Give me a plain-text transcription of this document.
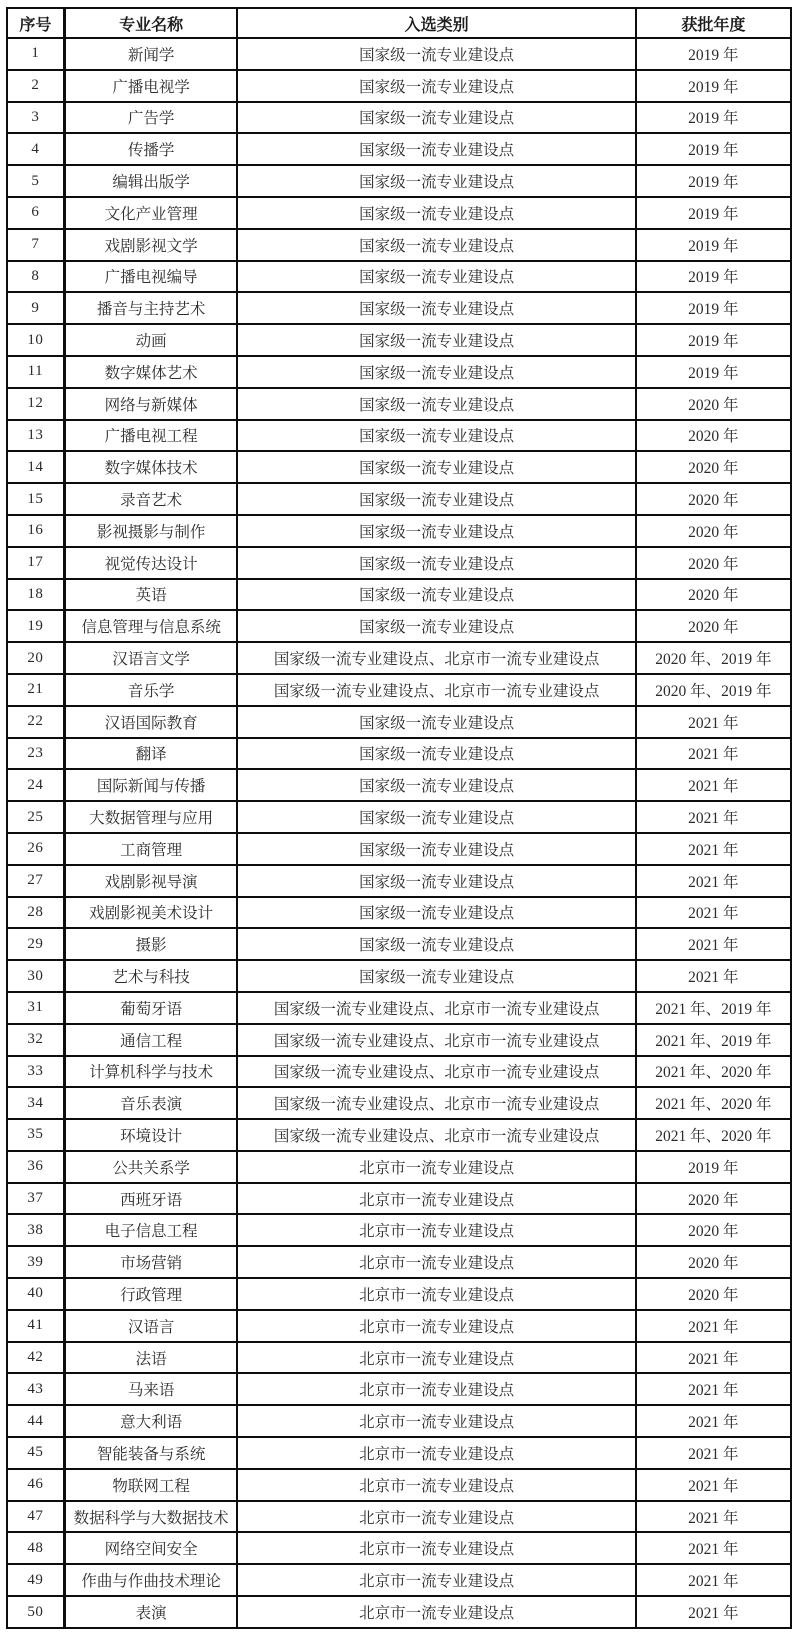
序号	专业名称	入选类别	获批年度
1	新闻学	国家级一流专业建设点	2019 年
2	广播电视学	国家级一流专业建设点	2019 年
3	广告学	国家级一流专业建设点	2019 年
4	传播学	国家级一流专业建设点	2019 年
5	编辑出版学	国家级一流专业建设点	2019 年
6	文化产业管理	国家级一流专业建设点	2019 年
7	戏剧影视文学	国家级一流专业建设点	2019 年
8	广播电视编导	国家级一流专业建设点	2019 年
9	播音与主持艺术	国家级一流专业建设点	2019 年
10	动画	国家级一流专业建设点	2019 年
11	数字媒体艺术	国家级一流专业建设点	2019 年
12	网络与新媒体	国家级一流专业建设点	2020 年
13	广播电视工程	国家级一流专业建设点	2020 年
14	数字媒体技术	国家级一流专业建设点	2020 年
15	录音艺术	国家级一流专业建设点	2020 年
16	影视摄影与制作	国家级一流专业建设点	2020 年
17	视觉传达设计	国家级一流专业建设点	2020 年
18	英语	国家级一流专业建设点	2020 年
19	信息管理与信息系统	国家级一流专业建设点	2020 年
20	汉语言文学	国家级一流专业建设点、北京市一流专业建设点	2020 年、2019 年
21	音乐学	国家级一流专业建设点、北京市一流专业建设点	2020 年、2019 年
22	汉语国际教育	国家级一流专业建设点	2021 年
23	翻译	国家级一流专业建设点	2021 年
24	国际新闻与传播	国家级一流专业建设点	2021 年
25	大数据管理与应用	国家级一流专业建设点	2021 年
26	工商管理	国家级一流专业建设点	2021 年
27	戏剧影视导演	国家级一流专业建设点	2021 年
28	戏剧影视美术设计	国家级一流专业建设点	2021 年
29	摄影	国家级一流专业建设点	2021 年
30	艺术与科技	国家级一流专业建设点	2021 年
31	葡萄牙语	国家级一流专业建设点、北京市一流专业建设点	2021 年、2019 年
32	通信工程	国家级一流专业建设点、北京市一流专业建设点	2021 年、2019 年
33	计算机科学与技术	国家级一流专业建设点、北京市一流专业建设点	2021 年、2020 年
34	音乐表演	国家级一流专业建设点、北京市一流专业建设点	2021 年、2020 年
35	环境设计	国家级一流专业建设点、北京市一流专业建设点	2021 年、2020 年
36	公共关系学	北京市一流专业建设点	2019 年
37	西班牙语	北京市一流专业建设点	2020 年
38	电子信息工程	北京市一流专业建设点	2020 年
39	市场营销	北京市一流专业建设点	2020 年
40	行政管理	北京市一流专业建设点	2020 年
41	汉语言	北京市一流专业建设点	2021 年
42	法语	北京市一流专业建设点	2021 年
43	马来语	北京市一流专业建设点	2021 年
44	意大利语	北京市一流专业建设点	2021 年
45	智能装备与系统	北京市一流专业建设点	2021 年
46	物联网工程	北京市一流专业建设点	2021 年
47	数据科学与大数据技术	北京市一流专业建设点	2021 年
48	网络空间安全	北京市一流专业建设点	2021 年
49	作曲与作曲技术理论	北京市一流专业建设点	2021 年
50	表演	北京市一流专业建设点	2021 年
